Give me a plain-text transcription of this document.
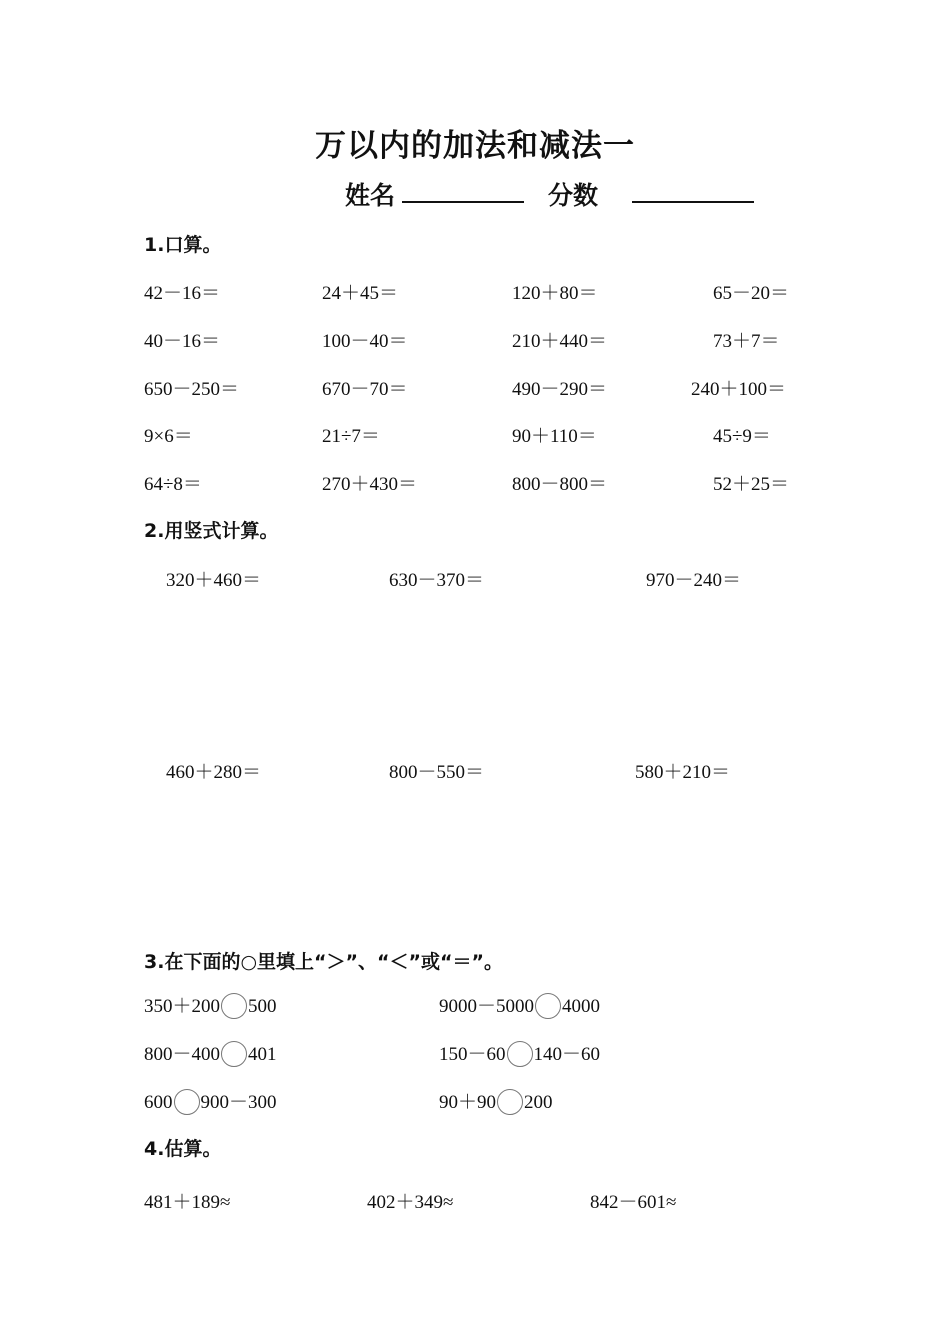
万以内的加法和减法一
姓名	分数
1.口算。
42－16＝	24＋45＝	120＋80＝	65－20＝
40－16＝	100－40＝	210＋440＝	73＋7＝
650－250＝	670－70＝	490－290＝	240＋100＝
9×6＝	21÷7＝	90＋110＝	45÷9＝
64÷8＝	270＋430＝	800－800＝	52＋25＝
2.用竖式计算。
320＋460＝	630－370＝	970－240＝
460＋280＝	800－550＝	580＋210＝
3.在下面的○里填上“＞”、“＜”或“＝”。
350＋200 500	9000－5000 4000
800－400 401	150－60 140－60
600 900－300	90＋90 200
4.估算。
481＋189≈	402＋349≈	842－601≈
